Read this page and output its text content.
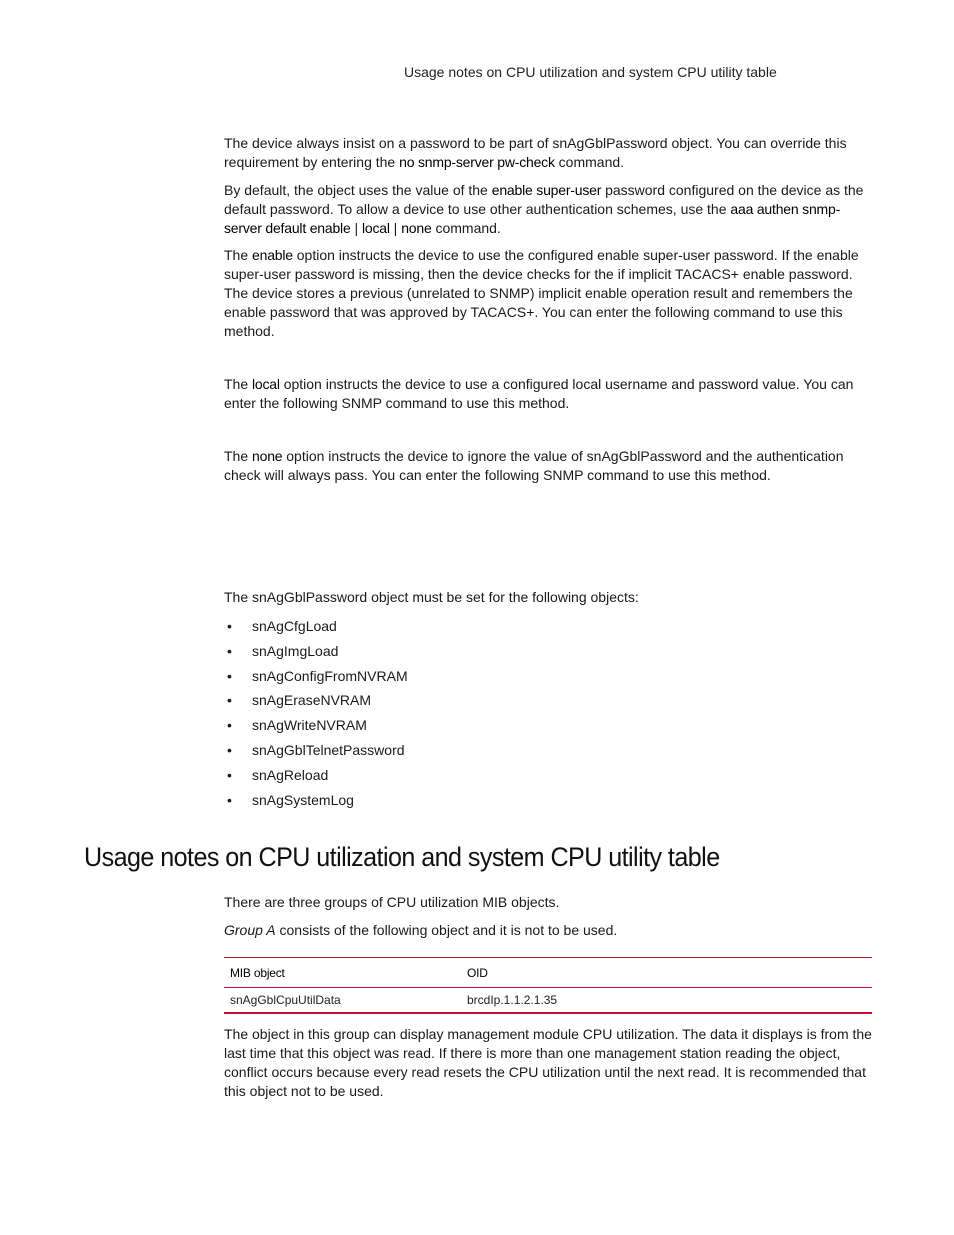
Usage notes on CPU utilization and system CPU utility table

The device always insist on a password to be part of snAgGblPassword object. You can override this requirement by entering the no snmp-server pw-check command.

By default, the object uses the value of the enable super-user password configured on the device as the default password. To allow a device to use other authentication schemes, use the aaa authen snmp-server default enable | local | none command.

The enable option instructs the device to use the configured enable super-user password. If the enable super-user password is missing, then the device checks for the if implicit TACACS+ enable password. The device stores a previous (unrelated to SNMP) implicit enable operation result and remembers the enable password that was approved by TACACS+. You can enter the following command to use this method.

The local option instructs the device to use a configured local username and password value. You can enter the following SNMP command to use this method.

The none option instructs the device to ignore the value of snAgGblPassword and the authentication check will always pass. You can enter the following SNMP command to use this method.

The snAgGblPassword object must be set for the following objects:

• snAgCfgLoad
• snAgImgLoad
• snAgConfigFromNVRAM
• snAgEraseNVRAM
• snAgWriteNVRAM
• snAgGblTelnetPassword
• snAgReload
• snAgSystemLog
Usage notes on CPU utilization and system CPU utility table

There are three groups of CPU utilization MIB objects.

Group A consists of the following object and it is not to be used.

MIB object	OID
snAgGblCpuUtilData	brcdIp.1.1.2.1.35

The object in this group can display management module CPU utilization. The data it displays is from the last time that this object was read. If there is more than one management station reading the object, conflict occurs because every read resets the CPU utilization until the next read. It is recommended that this object not to be used.
